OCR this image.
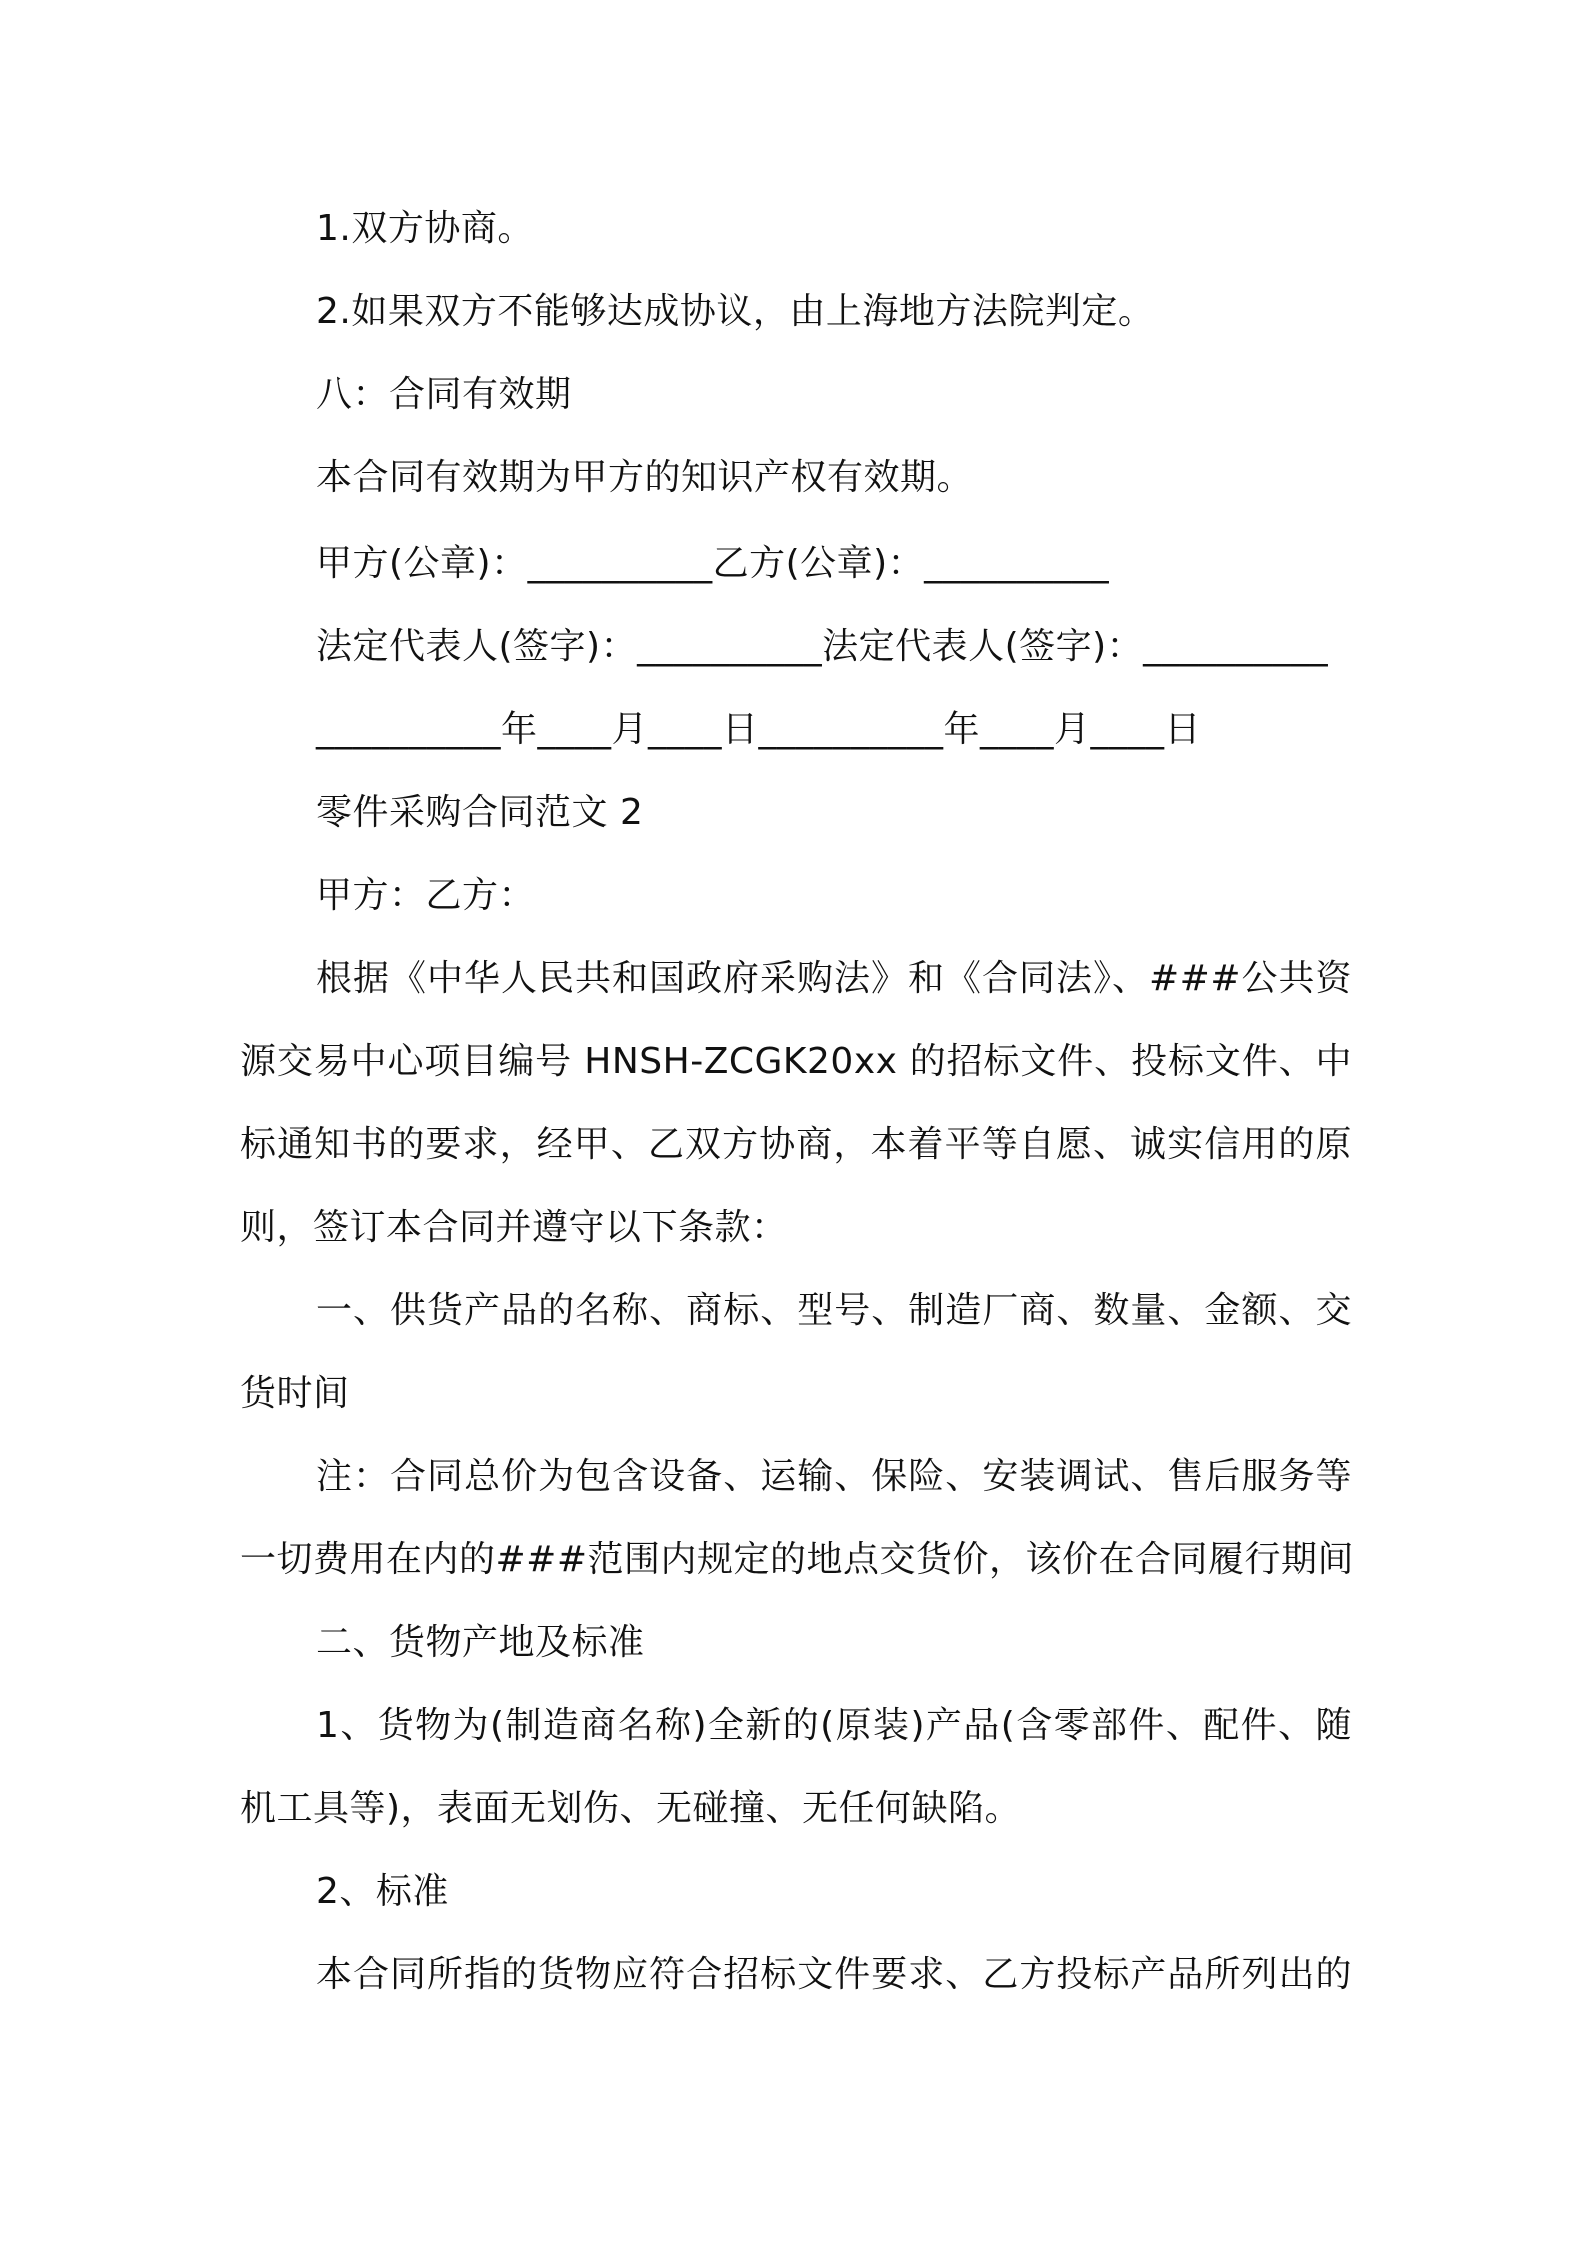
1.双方协商。
2.如果双方不能够达成协议，由上海地方法院判定。
八：合同有效期
本合同有效期为甲方的知识产权有效期。
甲方(公章)：__________乙方(公章)：__________
法定代表人(签字)：__________法定代表人(签字)：__________
__________年____月____日__________年____月____日
零件采购合同范文 2
甲方：乙方：
根据《中华人民共和国政府采购法》和《合同法》、###公共资
源交易中心项目编号 HNSH-ZCGK20xx 的招标文件、投标文件、中
标通知书的要求，经甲、乙双方协商，本着平等自愿、诚实信用的原
则，签订本合同并遵守以下条款：
一、供货产品的名称、商标、型号、制造厂商、数量、金额、交
货时间
注：合同总价为包含设备、运输、保险、安装调试、售后服务等
一切费用在内的###范围内规定的地点交货价，该价在合同履行期间
二、货物产地及标准
1、货物为(制造商名称)全新的(原装)产品(含零部件、配件、随
机工具等)，表面无划伤、无碰撞、无任何缺陷。
2、标准
本合同所指的货物应符合招标文件要求、乙方投标产品所列出的
